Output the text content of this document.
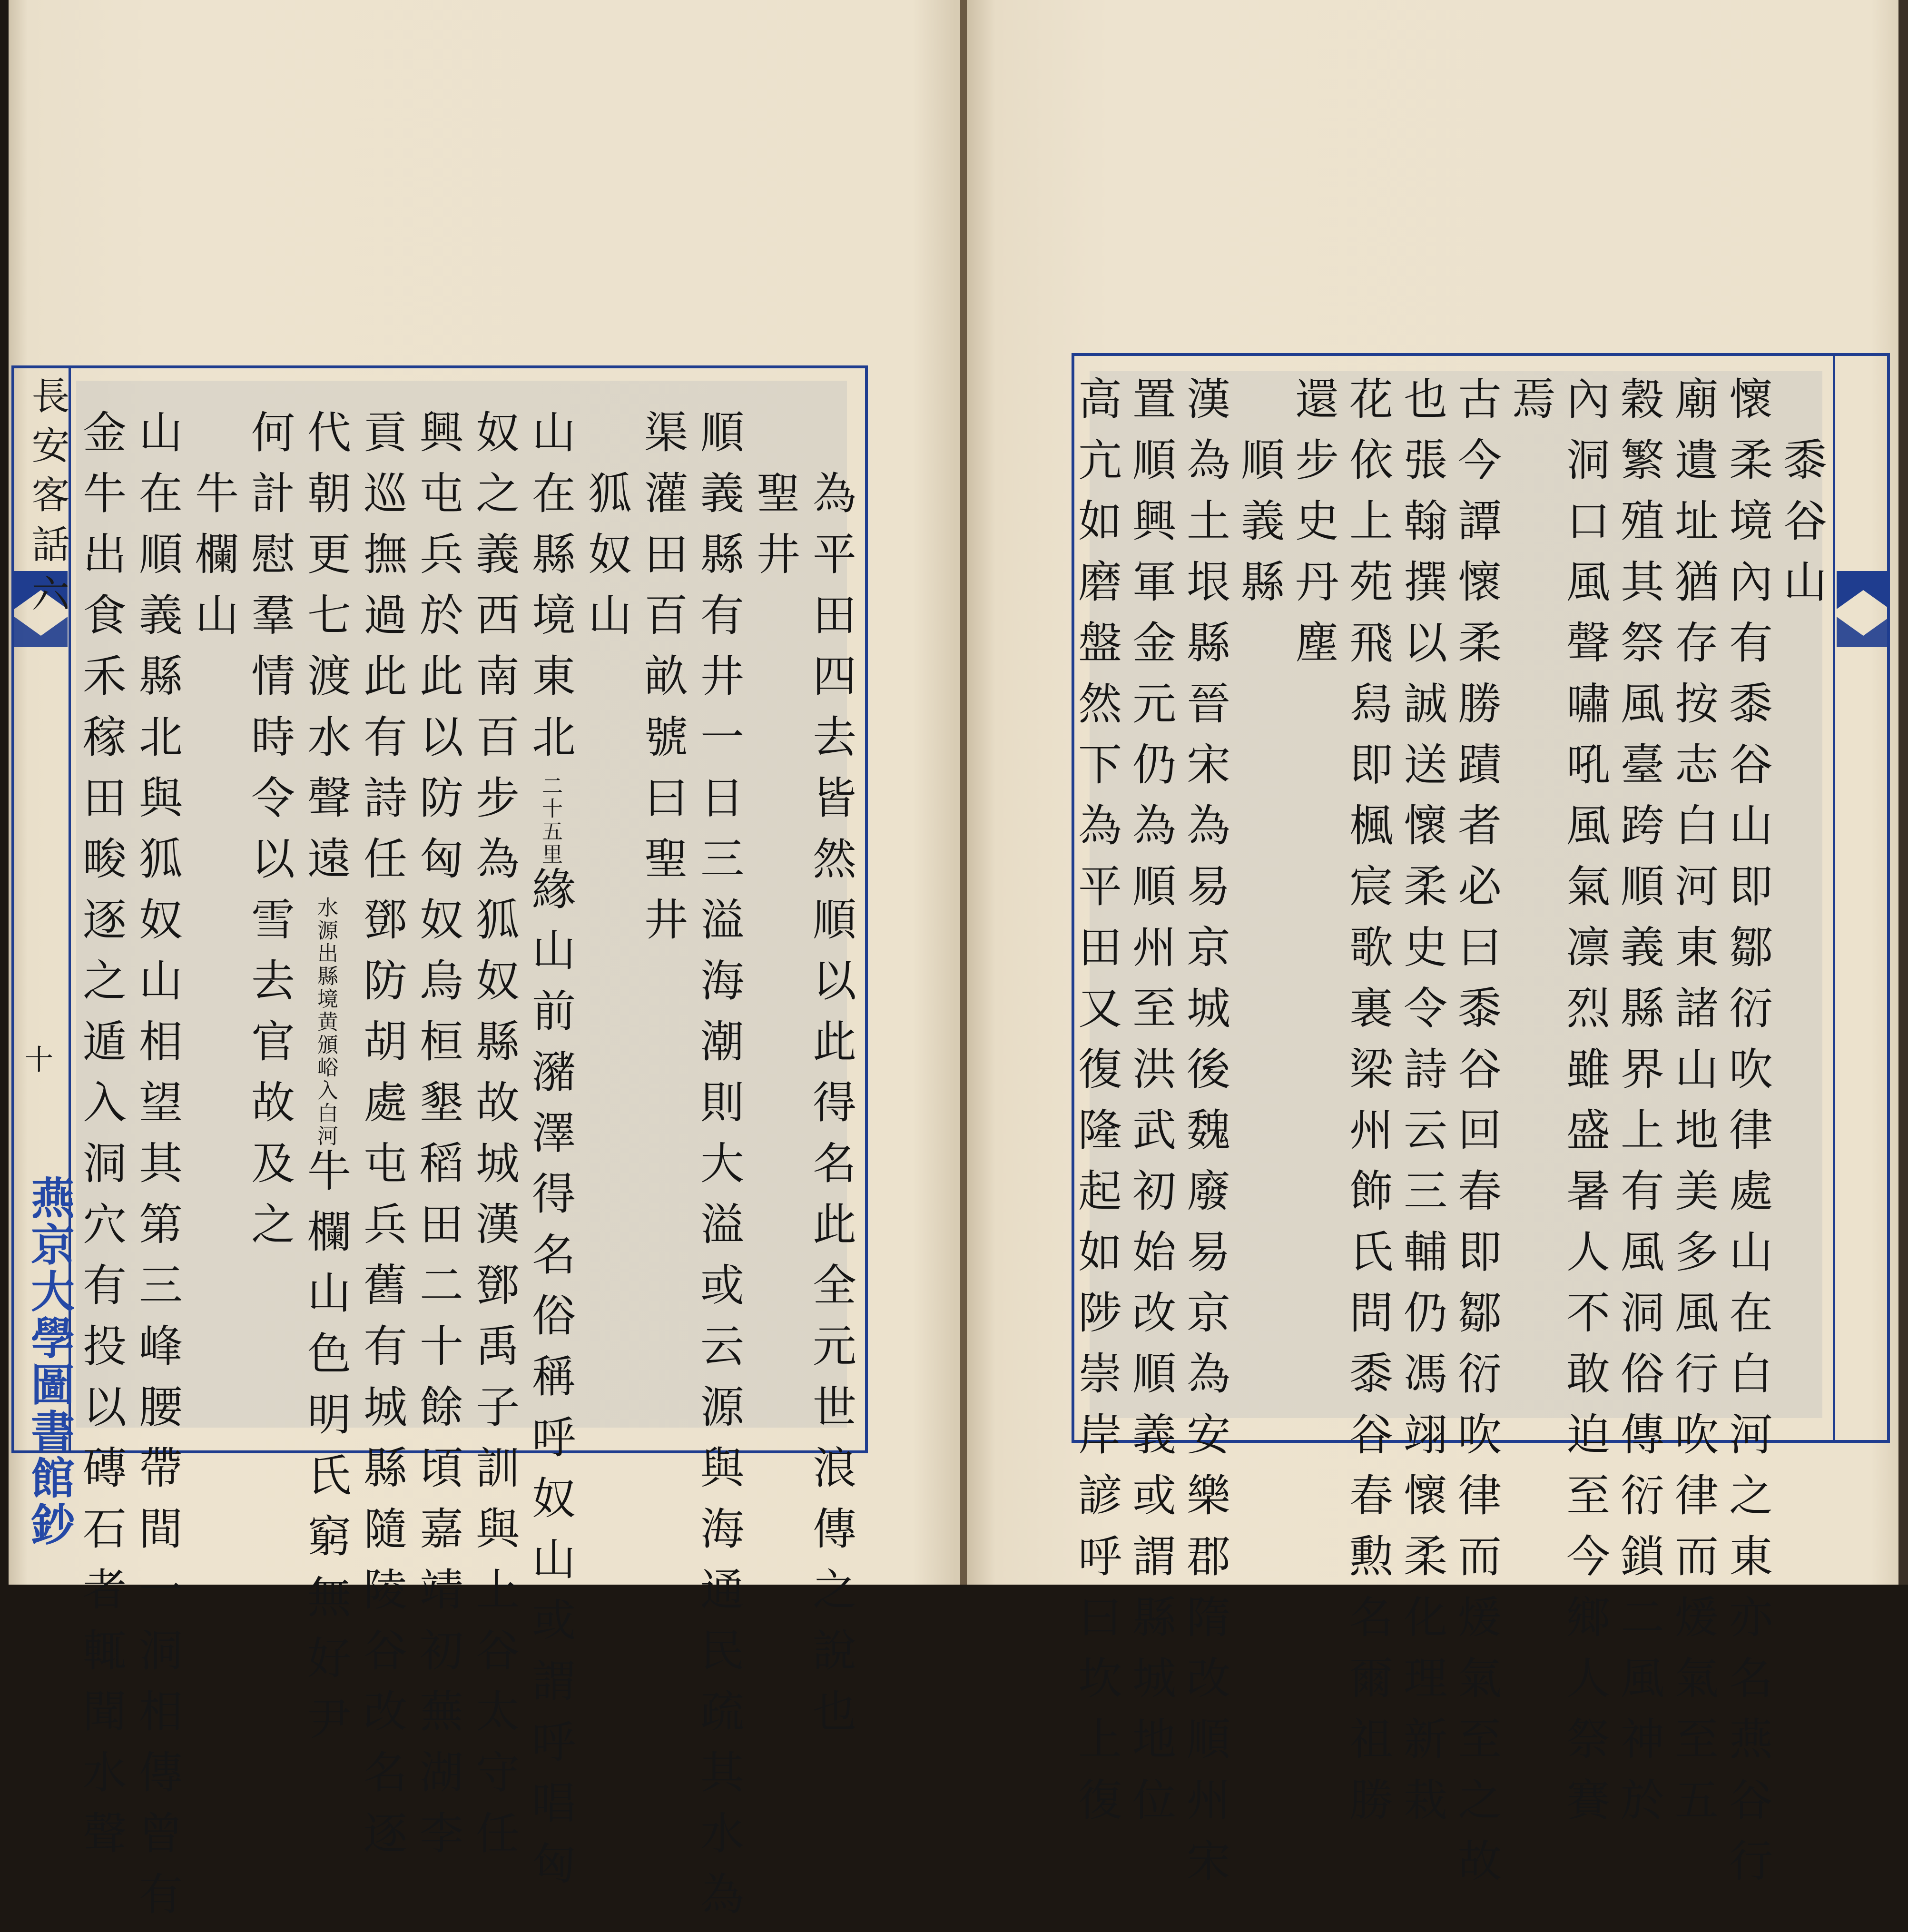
長安客話六
十
燕京大學圖書館鈔	為平田四去皆然順以此得名此全元世浪傳之說也
聖井
順義縣有井一日三溢海潮則大溢或云源與海通民疏其水為
渠灌田百畝號曰聖井
狐奴山
山在縣境東北二十五里緣山前瀦澤得名俗稱呼奴山或謂呼唱匈
奴之義西南百步為狐奴縣故城漢鄧禹子訓與上谷太守任
興屯兵於此以防匈奴烏桓墾稻田二十餘頃嘉靖初蕪湖李
貢巡撫過此有詩任鄧防胡處屯兵舊有城縣隨陵谷改名逐
代朝更七渡水聲遠水源出縣境黄頒峪入白河牛欄山色明氏窮無好尹
何計慰羣情時令以雪去官故及之
牛欄山
山在順義縣北與狐奴山相望其第三峰腰帶間一洞相傳曾有
金牛出食禾稼田畯逐之遁入洞穴有投以磚石者輒聞水聲	黍谷山
懷柔境內有黍谷山即鄒衍吹律處山在白河之東亦名燕谷行
廟遺址猶存按志白河東諸山地美多風行吹律而煖氣至五
穀繁殖其祭風臺跨順義縣界上有風洞俗傳衍鎖二風神於
內洞口風聲嘯吼風氣凛烈雖盛暑人不敢迫至今鄉人祭賽
焉
古今譚懷柔勝蹟者必曰黍谷回春即鄒衍吹律而煖氣至之故
也張翰撰以誠送懷柔史令詩云三輔仍馮翊懷柔化理新栽
花依上苑飛舄即楓宸歌裏梁州飾氏問黍谷春勲名爾祖勝
還步史丹塵
順義縣
漢為土垠縣晉宋為易京城後魏廢易京為安樂郡隋改順州宋
置順興軍金元仍為順州至洪武初始改順義或謂縣城地位
高亢如磨盤然下為平田又復隆起如陟崇岸諺呼曰坎上復
